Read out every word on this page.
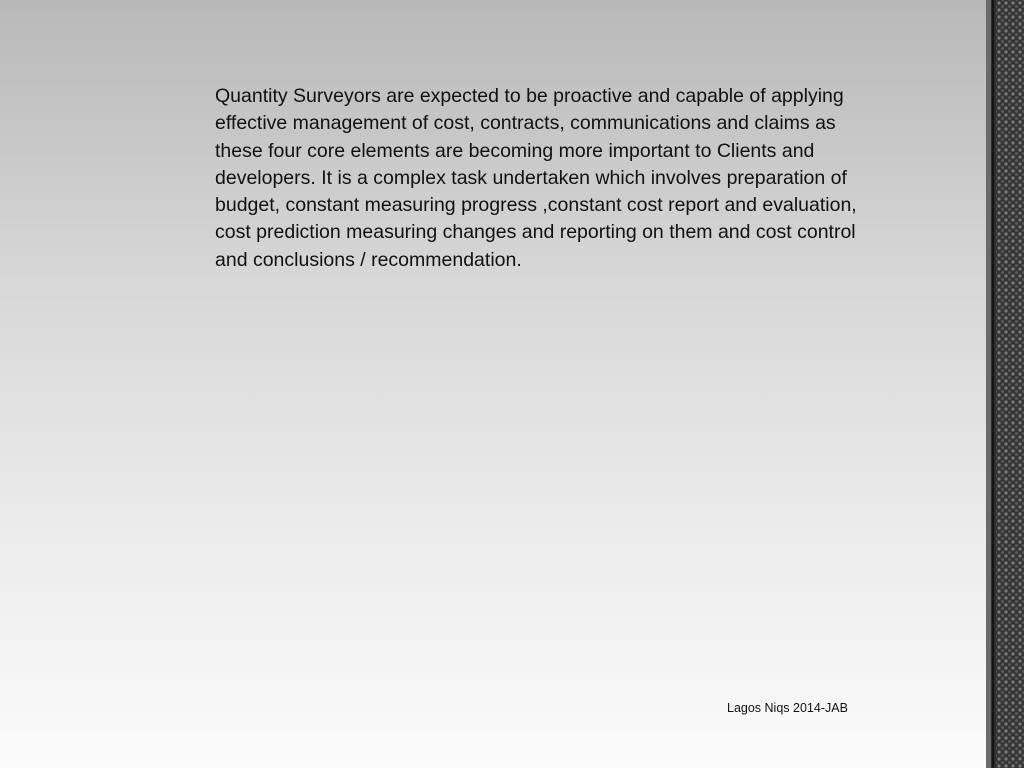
Quantity Surveyors are expected to be proactive and capable of applying
effective management of cost, contracts, communications and claims as
these four core elements are becoming more important to Clients and
developers. It is a complex task undertaken which involves preparation of
budget, constant measuring progress ,constant cost report and evaluation,
cost prediction measuring changes and reporting on them and cost control
and conclusions / recommendation.

Lagos Niqs 2014-JAB
